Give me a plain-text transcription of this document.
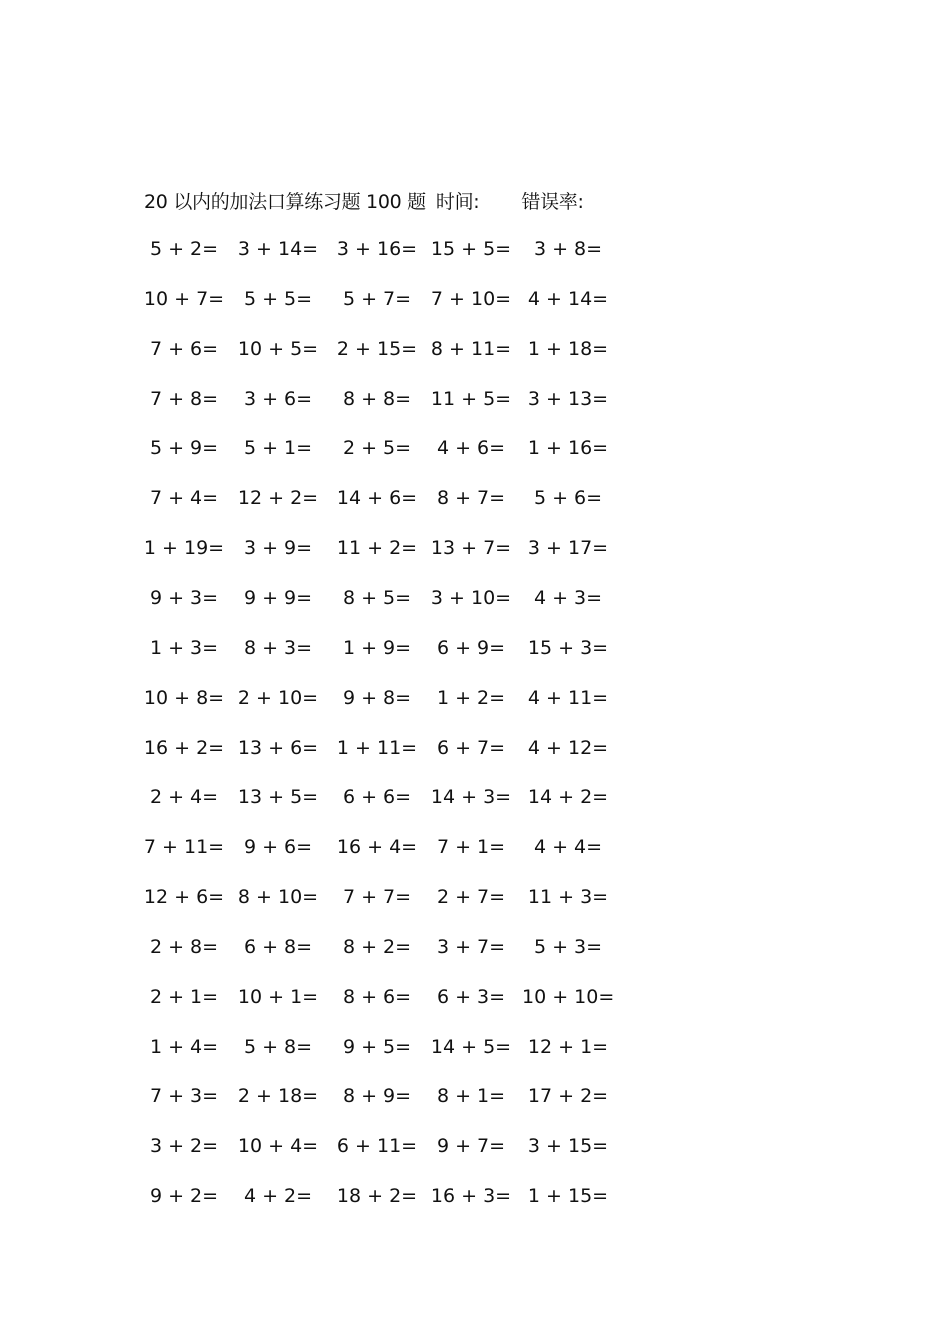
20 以内的加法口算练习题 100 题 时间: 错误率:
5 + 2=	3 + 14= 3 + 16= 15 + 5=	3 + 8=
10 + 7=	5 + 5=	5 + 7=	7 + 10= 4 + 14=
7 + 6=	10 + 5= 2 + 15= 8 + 11= 1 + 18=
7 + 8=	3 + 6=	8 + 8=	11 + 5= 3 + 13=
5 + 9=	5 + 1=	2 + 5=	4 + 6=	1 + 16=
7 + 4=	12 + 2= 14 + 6=	8 + 7=	5 + 6=
1 + 19=	3 + 9=	11 + 2= 13 + 7= 3 + 17=
9 + 3=	9 + 9=	8 + 5=	3 + 10=	4 + 3=
1 + 3=	8 + 3=	1 + 9=	6 + 9=	15 + 3=
10 + 8= 2 + 10=	9 + 8=	1 + 2=	4 + 11=
16 + 2= 13 + 6= 1 + 11=	6 + 7=	4 + 12=
2 + 4=	13 + 5=	6 + 6=	14 + 3= 14 + 2=
7 + 11=	9 + 6=	16 + 4=	7 + 1=	4 + 4=
12 + 6= 8 + 10=	7 + 7=	2 + 7=	11 + 3=
2 + 8=	6 + 8=	8 + 2=	3 + 7=	5 + 3=
2 + 1=	10 + 1=	8 + 6=	6 + 3= 10 + 10=
1 + 4=	5 + 8=	9 + 5=	14 + 5= 12 + 1=
7 + 3=	2 + 18=	8 + 9=	8 + 1=	17 + 2=
3 + 2=	10 + 4= 6 + 11=	9 + 7=	3 + 15=
9 + 2=	4 + 2=	18 + 2= 16 + 3= 1 + 15=
